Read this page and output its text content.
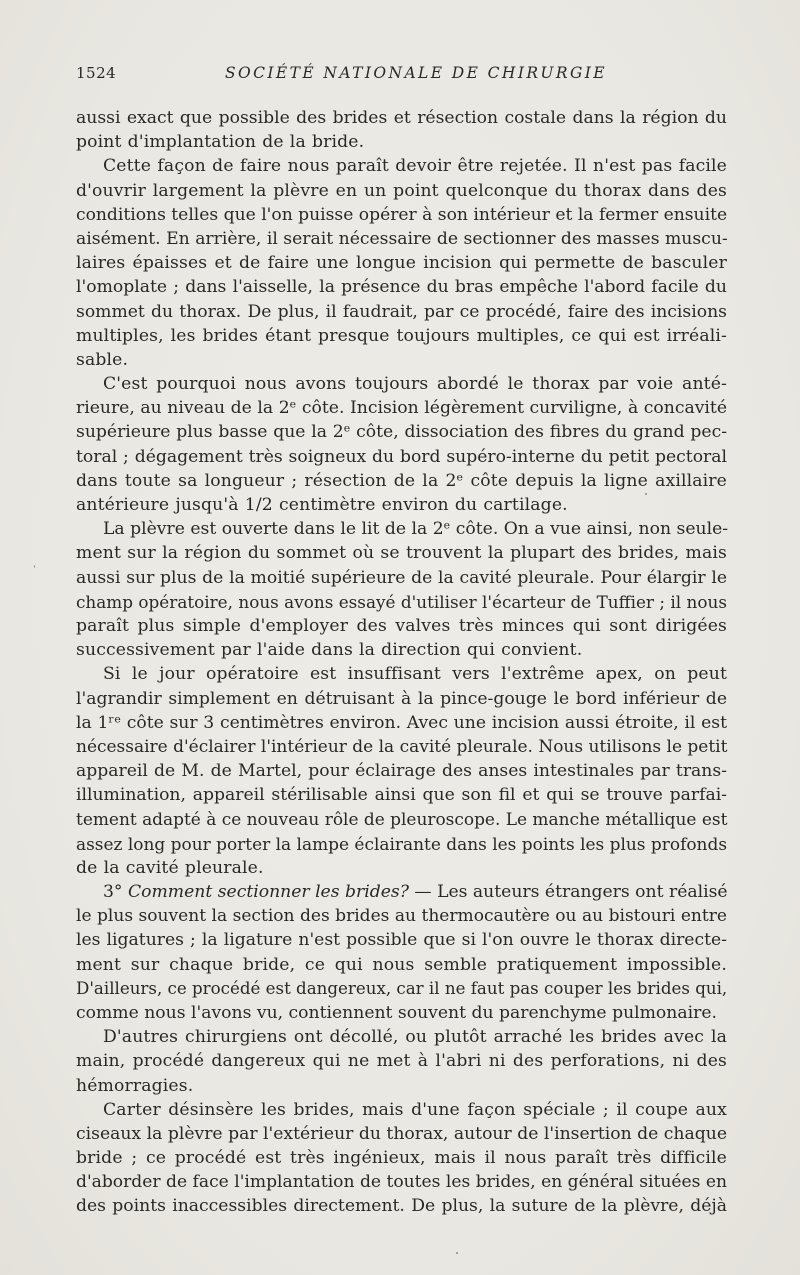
1524	SOCIÉTÉ NATIONALE DE CHIRURGIE
aussi exact que possible des brides et résection costale dans la région du
point d'implantation de la bride.
Cette façon de faire nous paraît devoir être rejetée. Il n'est pas facile
d'ouvrir largement la plèvre en un point quelconque du thorax dans des
conditions telles que l'on puisse opérer à son intérieur et la fermer ensuite
aisément. En arrière, il serait nécessaire de sectionner des masses muscu-
laires épaisses et de faire une longue incision qui permette de basculer
l'omoplate ; dans l'aisselle, la présence du bras empêche l'abord facile du
sommet du thorax. De plus, il faudrait, par ce procédé, faire des incisions
multiples, les brides étant presque toujours multiples, ce qui est irréali-
sable.
C'est pourquoi nous avons toujours abordé le thorax par voie anté-
rieure, au niveau de la 2ᵉ côte. Incision légèrement curviligne, à concavité
supérieure plus basse que la 2ᵉ côte, dissociation des fibres du grand pec-
toral ; dégagement très soigneux du bord supéro-interne du petit pectoral
dans toute sa longueur ; résection de la 2ᵉ côte depuis la ligne axillaire
antérieure jusqu'à 1/2 centimètre environ du cartilage.
La plèvre est ouverte dans le lit de la 2ᵉ côte. On a vue ainsi, non seule-
ment sur la région du sommet où se trouvent la plupart des brides, mais
aussi sur plus de la moitié supérieure de la cavité pleurale. Pour élargir le
champ opératoire, nous avons essayé d'utiliser l'écarteur de Tuffier ; il nous
paraît plus simple d'employer des valves très minces qui sont dirigées
successivement par l'aide dans la direction qui convient.
Si le jour opératoire est insuffisant vers l'extrême apex, on peut
l'agrandir simplement en détruisant à la pince-gouge le bord inférieur de
la 1ʳᵉ côte sur 3 centimètres environ. Avec une incision aussi étroite, il est
nécessaire d'éclairer l'intérieur de la cavité pleurale. Nous utilisons le petit
appareil de M. de Martel, pour éclairage des anses intestinales par trans-
illumination, appareil stérilisable ainsi que son fil et qui se trouve parfai-
tement adapté à ce nouveau rôle de pleuroscope. Le manche métallique est
assez long pour porter la lampe éclairante dans les points les plus profonds
de la cavité pleurale.
3° Comment sectionner les brides? — Les auteurs étrangers ont réalisé
le plus souvent la section des brides au thermocautère ou au bistouri entre
les ligatures ; la ligature n'est possible que si l'on ouvre le thorax directe-
ment sur chaque bride, ce qui nous semble pratiquement impossible.
D'ailleurs, ce procédé est dangereux, car il ne faut pas couper les brides qui,
comme nous l'avons vu, contiennent souvent du parenchyme pulmonaire.
D'autres chirurgiens ont décollé, ou plutôt arraché les brides avec la
main, procédé dangereux qui ne met à l'abri ni des perforations, ni des
hémorragies.
Carter désinsère les brides, mais d'une façon spéciale ; il coupe aux
ciseaux la plèvre par l'extérieur du thorax, autour de l'insertion de chaque
bride ; ce procédé est très ingénieux, mais il nous paraît très difficile
d'aborder de face l'implantation de toutes les brides, en général situées en
des points inaccessibles directement. De plus, la suture de la plèvre, déjà
